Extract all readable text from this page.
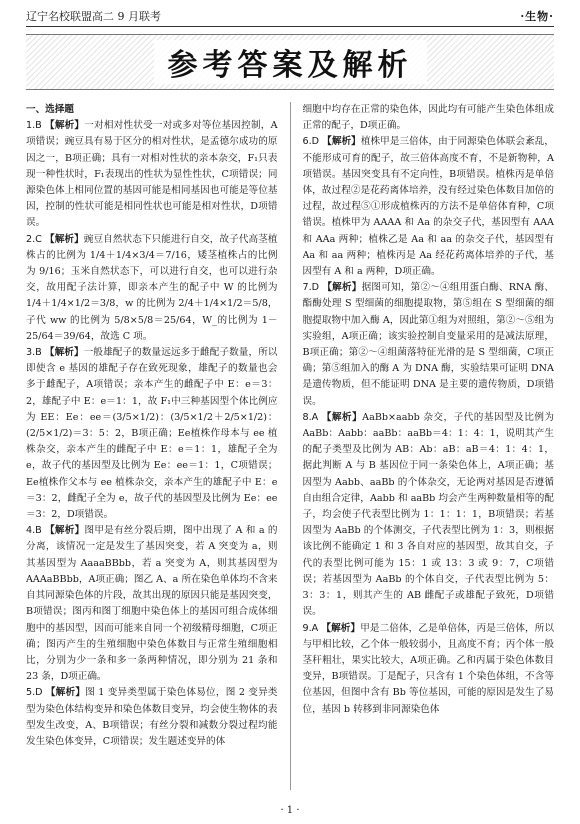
辽宁名校联盟高二 9 月联考	·生物·
参考答案及解析

一、选择题

1.B 【解析】一对相对性状受一对或多对等位基因控制，A项错误；豌豆具有易于区分的相对性状，是孟德尔成功的原因之一，B项正确；具有一对相对性状的亲本杂交，F₁只表现一种性状时，F₁表现出的性状为显性性状，C项错误；同源染色体上相同位置的基因可能是相同基因也可能是等位基因，控制的性状可能是相同性状也可能是相对性状，D项错误。

2.C 【解析】豌豆自然状态下只能进行自交，故子代高茎植株占的比例为 1/4＋1/4×3/4＝7/16，矮茎植株占的比例为 9/16；玉米自然状态下，可以进行自交，也可以进行杂交，故用配子法计算，即亲本产生的配子中 W 的比例为 1/4＋1/4×1/2＝3/8，w 的比例为 2/4＋1/4×1/2＝5/8，子代 ww 的比例为 5/8×5/8＝25/64，W_的比例为 1－25/64＝39/64，故选 C 项。

3.B 【解析】一般雄配子的数量远远多于雌配子数量，所以即使含 e 基因的雄配子存在致死现象，雄配子的数量也会多于雌配子，A项错误；亲本产生的雌配子中 E：e＝3：2，雄配子中 E：e＝1：1，故 F₁中三种基因型个体比例应为 EE：Ee：ee＝(3/5×1/2)：(3/5×1/2＋2/5×1/2)：(2/5×1/2)＝3：5：2，B项正确；Ee植株作母本与 ee 植株杂交，亲本产生的雌配子中 E：e＝1：1，雄配子全为 e，故子代的基因型及比例为 Ee：ee＝1：1，C项错误；Ee植株作父本与 ee 植株杂交，亲本产生的雄配子中 E：e＝3：2，雌配子全为 e，故子代的基因型及比例为 Ee：ee＝3：2，D项错误。

4.B 【解析】图甲是有丝分裂后期，图中出现了 A 和 a 的分离，该情况一定是发生了基因突变，若 A 突变为 a，则其基因型为 AaaaBBbb，若 a 突变为 A，则其基因型为 AAAaBBbb，A项正确；图乙 A、a 所在染色单体均不含来自其同源染色体的片段，故其出现的原因只能是基因突变，B项错误；图丙和图丁细胞中染色体上的基因可组合成体细胞中的基因型，因而可能来自同一个初级精母细胞，C项正确；图丙产生的生殖细胞中染色体数目与正常生殖细胞相比，分别为少一条和多一条两种情况，即分别为 21 条和 23 条，D项正确。

5.D 【解析】图 1 变异类型属于染色体易位，图 2 变异类型为染色体结构变异和染色体数目变异，均会使生物体的表型发生改变，A、B项错误；有丝分裂和减数分裂过程均能发生染色体变异，C项错误；发生题述变异的体

细胞中均存在正常的染色体，因此均有可能产生染色体组成正常的配子，D项正确。

6.D 【解析】植株甲是三倍体，由于同源染色体联会紊乱，不能形成可育的配子，故三倍体高度不育，不是新物种，A项错误。基因突变具有不定向性，B项错误。植株丙是单倍体，故过程②是花药离体培养，没有经过染色体数目加倍的过程，故过程⑤①形成植株丙的方法不是单倍体育种，C项错误。植株甲为 AAAA 和 Aa 的杂交子代，基因型有 AAA 和 AAa 两种；植株乙是 Aa 和 aa 的杂交子代，基因型有 Aa 和 aa 两种；植株丙是 Aa 经花药离体培养的子代，基因型有 A 和 a 两种，D项正确。

7.D 【解析】据图可知，第②～④组用蛋白酶、RNA 酶、酯酶处理 S 型细菌的细胞提取物，第⑤组在 S 型细菌的细胞提取物中加入酶 A，因此第①组为对照组，第②～⑤组为实验组，A项正确；该实验控制自变量采用的是减法原理，B项正确；第②～④组菌落特征光滑的是 S 型细菌，C项正确；第⑤组加入的酶 A 为 DNA 酶，实验结果可证明 DNA 是遗传物质，但不能证明 DNA 是主要的遗传物质，D项错误。

8.A 【解析】AaBb×aabb 杂交，子代的基因型及比例为 AaBb：Aabb：aaBb：aaBb＝4：1：4：1，说明其产生的配子类型及比例为 AB：Ab：aB：aB＝4：1：4：1，据此判断 A 与 B 基因位于同一条染色体上，A项正确；基因型为 Aabb、aaBb 的个体杂交，无论两对基因是否遵循自由组合定律，Aabb 和 aaBb 均会产生两种数量相等的配子，均会使子代表型比例为 1：1：1：1，B项错误；若基因型为 AaBb 的个体测交，子代表型比例为 1：3，则根据该比例不能确定 1 和 3 各自对应的基因型，故其自交，子代的表型比例可能为 15：1 或 13：3 或 9：7，C项错误；若基因型为 AaBb 的个体自交，子代表型比例为 5：3：3：1，则其产生的 AB 雌配子或雄配子致死，D项错误。

9.A 【解析】甲是二倍体，乙是单倍体，丙是三倍体，所以与甲相比较，乙个体一般较弱小，且高度不育；丙个体一般茎秆粗壮，果实比较大，A项正确。乙和丙属于染色体数目变异，B项错误。丁是配子，只含有 1 个染色体组，不含等位基因，但图中含有 Bb 等位基因，可能的原因是发生了易位，基因 b 转移到非同源染色体

· 1 ·
